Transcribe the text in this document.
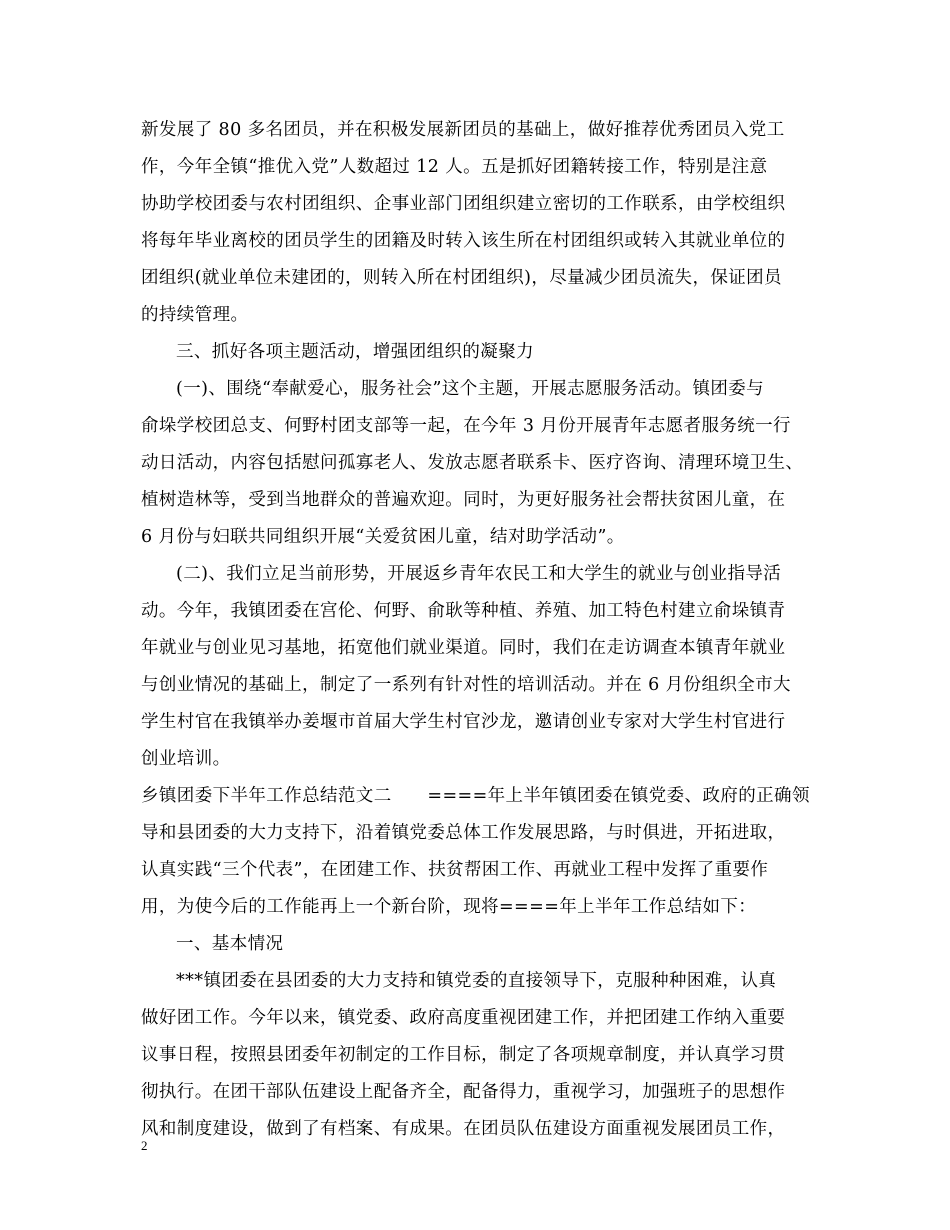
新发展了 80 多名团员，并在积极发展新团员的基础上，做好推荐优秀团员入党工
作，今年全镇“推优入党”人数超过 12 人。五是抓好团籍转接工作，特别是注意
协助学校团委与农村团组织、企事业部门团组织建立密切的工作联系，由学校组织
将每年毕业离校的团员学生的团籍及时转入该生所在村团组织或转入其就业单位的
团组织(就业单位未建团的，则转入所在村团组织)，尽量减少团员流失，保证团员
的持续管理。
三、抓好各项主题活动，增强团组织的凝聚力
(一)、围绕“奉献爱心，服务社会”这个主题，开展志愿服务活动。镇团委与
俞垛学校团总支、何野村团支部等一起，在今年 3 月份开展青年志愿者服务统一行
动日活动，内容包括慰问孤寡老人、发放志愿者联系卡、医疗咨询、清理环境卫生、
植树造林等，受到当地群众的普遍欢迎。同时，为更好服务社会帮扶贫困儿童，在
6 月份与妇联共同组织开展“关爱贫困儿童，结对助学活动”。
(二)、我们立足当前形势，开展返乡青年农民工和大学生的就业与创业指导活
动。今年，我镇团委在宫伦、何野、俞耿等种植、养殖、加工特色村建立俞垛镇青
年就业与创业见习基地，拓宽他们就业渠道。同时，我们在走访调查本镇青年就业
与创业情况的基础上，制定了一系列有针对性的培训活动。并在 6 月份组织全市大
学生村官在我镇举办姜堰市首届大学生村官沙龙，邀请创业专家对大学生村官进行
创业培训。
乡镇团委下半年工作总结范文二　　====年上半年镇团委在镇党委、政府的正确领
导和县团委的大力支持下，沿着镇党委总体工作发展思路，与时俱进，开拓进取，
认真实践“三个代表”，在团建工作、扶贫帮困工作、再就业工程中发挥了重要作
用，为使今后的工作能再上一个新台阶，现将====年上半年工作总结如下：
一、基本情况
***镇团委在县团委的大力支持和镇党委的直接领导下，克服种种困难，认真
做好团工作。今年以来，镇党委、政府高度重视团建工作，并把团建工作纳入重要
议事日程，按照县团委年初制定的工作目标，制定了各项规章制度，并认真学习贯
彻执行。在团干部队伍建设上配备齐全，配备得力，重视学习，加强班子的思想作
风和制度建设，做到了有档案、有成果。在团员队伍建设方面重视发展团员工作，
2
